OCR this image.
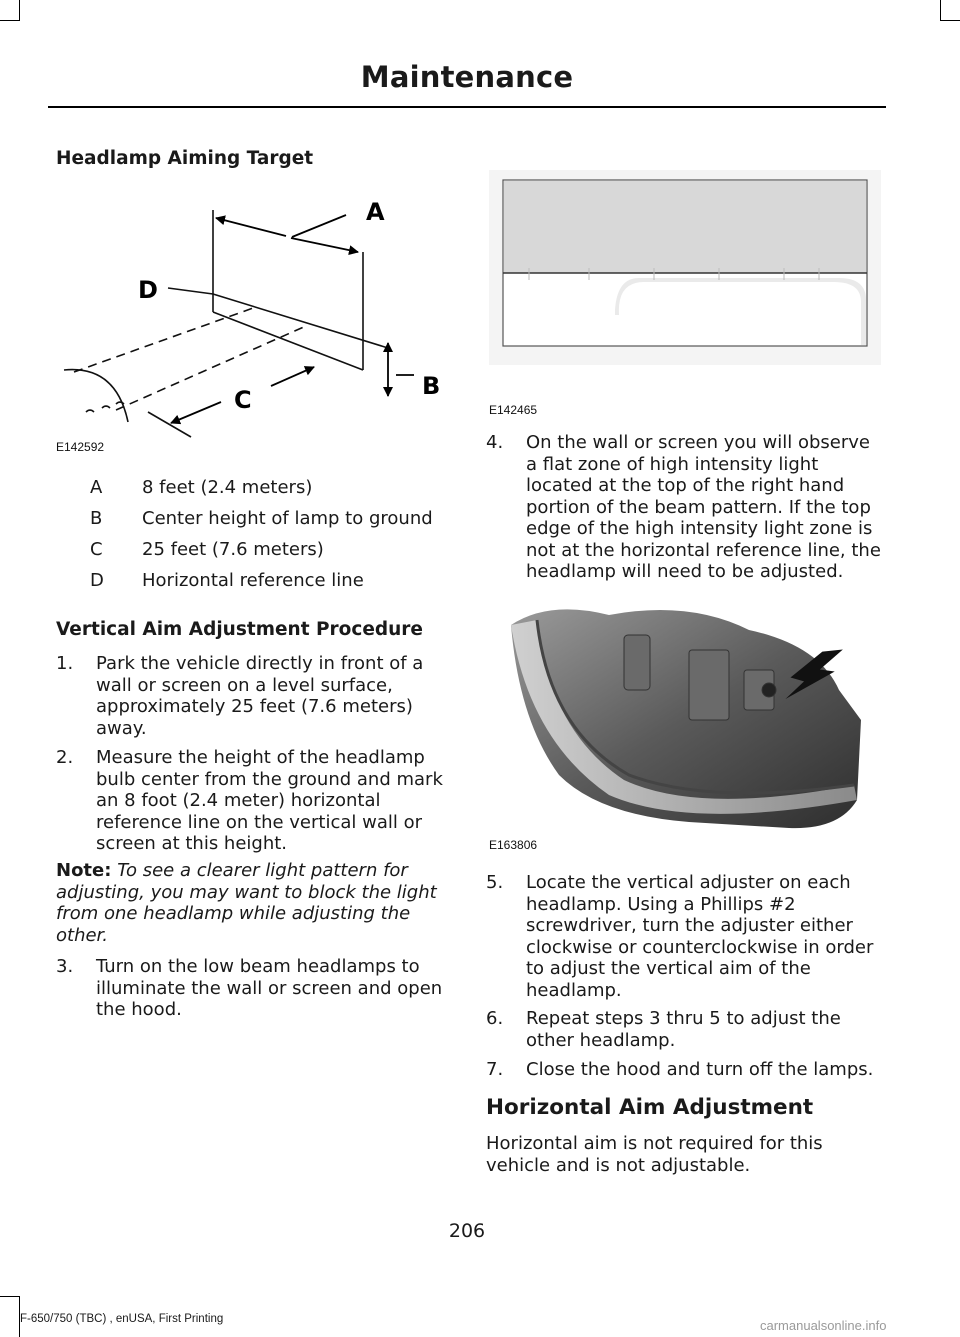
Maintenance
Headlamp Aiming Target
A
D
B
C
E142592
A	8 feet (2.4 meters)
B	Center height of lamp to ground
C	25 feet (7.6 meters)
D	Horizontal reference line
Vertical Aim Adjustment Procedure
1. Park the vehicle directly in front of a wall or screen on a level surface, approximately 25 feet (7.6 meters) away.
2. Measure the height of the headlamp bulb center from the ground and mark an 8 foot (2.4 meter) horizontal reference line on the vertical wall or screen at this height.
Note: To see a clearer light pattern for adjusting, you may want to block the light from one headlamp while adjusting the other.
3. Turn on the low beam headlamps to illuminate the wall or screen and open the hood.
E142465
4. On the wall or screen you will observe a flat zone of high intensity light located at the top of the right hand portion of the beam pattern. If the top edge of the high intensity light zone is not at the horizontal reference line, the headlamp will need to be adjusted.
E163806
5. Locate the vertical adjuster on each headlamp. Using a Phillips #2 screwdriver, turn the adjuster either clockwise or counterclockwise in order to adjust the vertical aim of the headlamp.
6. Repeat steps 3 thru 5 to adjust the other headlamp.
7. Close the hood and turn off the lamps.
Horizontal Aim Adjustment
Horizontal aim is not required for this vehicle and is not adjustable.
206
F-650/750 (TBC) , enUSA, First Printing	carmanualsonline.info
